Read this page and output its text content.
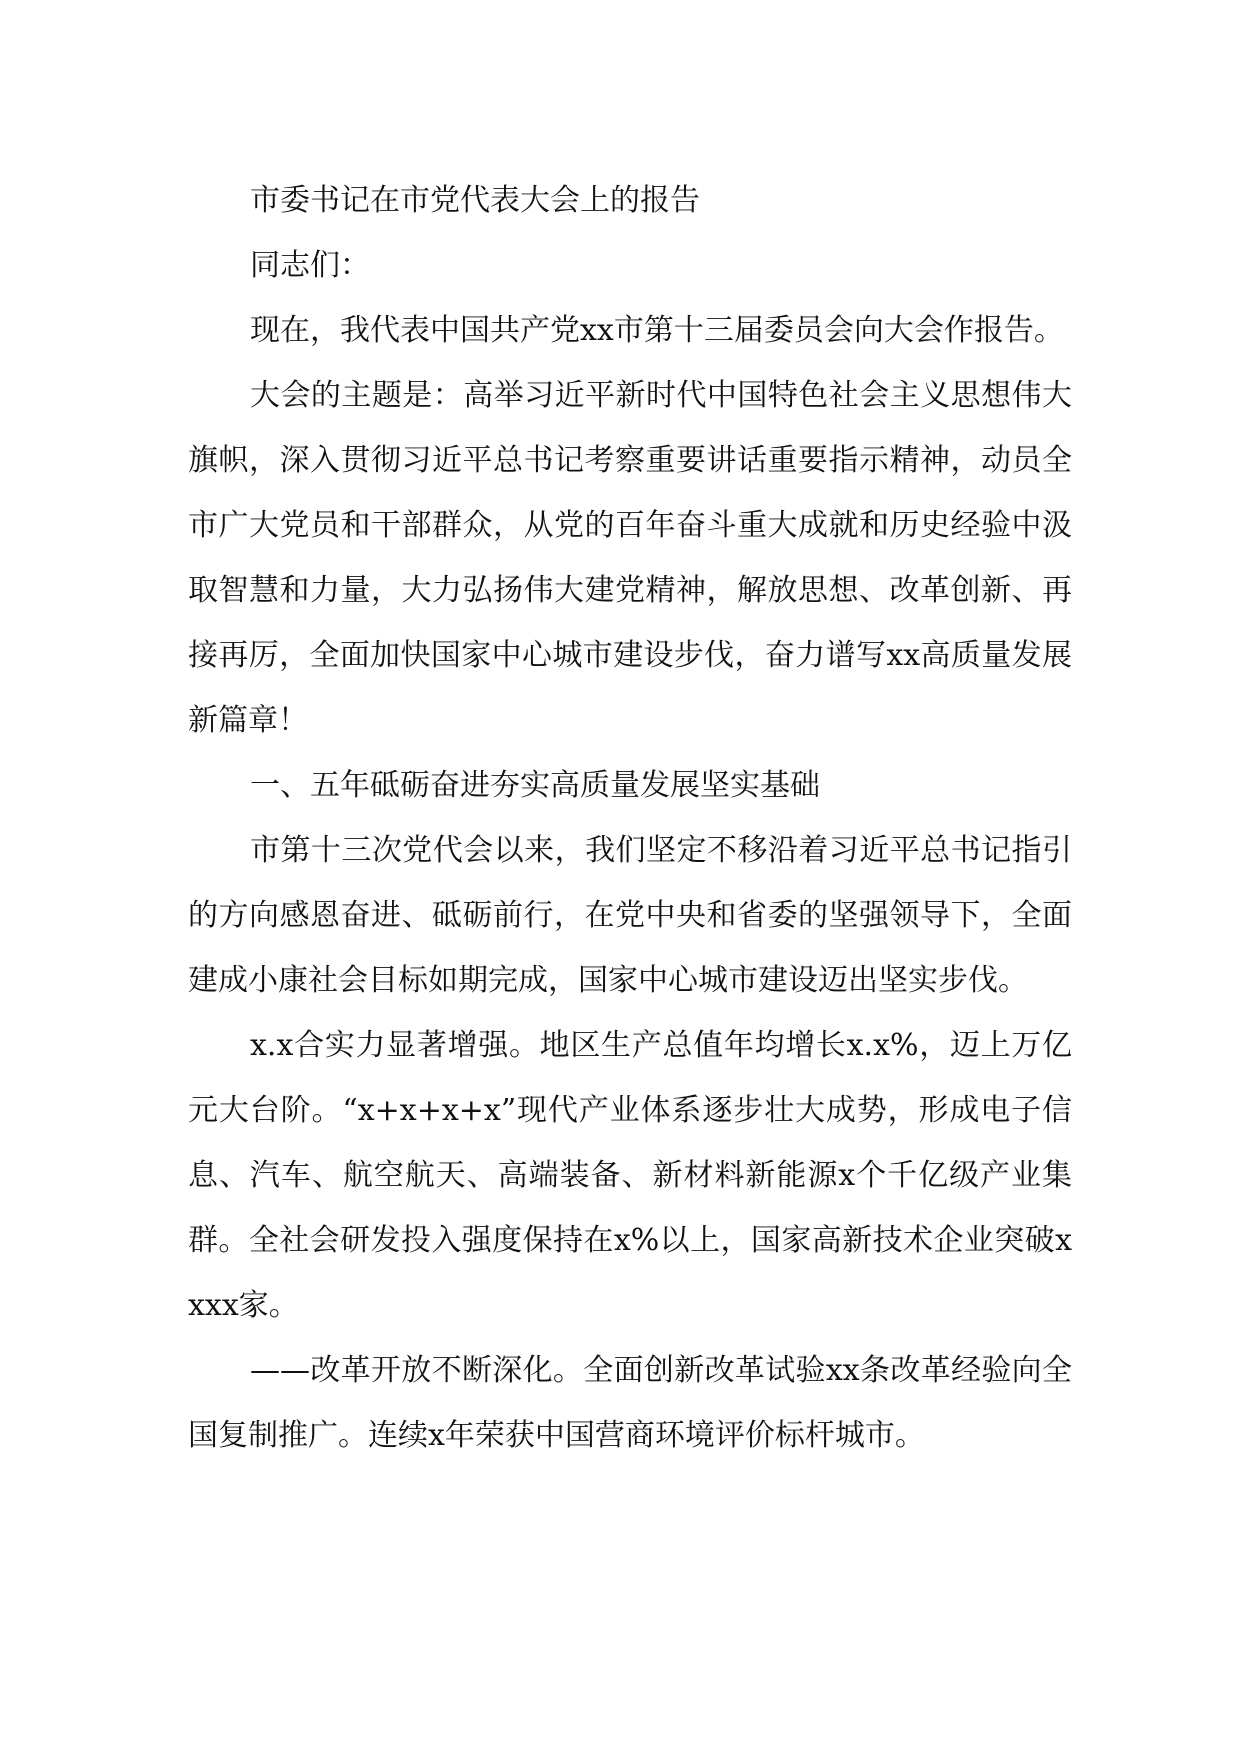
市委书记在市党代表大会上的报告

同志们：

现在，我代表中国共产党xx市第十三届委员会向大会作报告。

大会的主题是：高举习近平新时代中国特色社会主义思想伟大旗帜，深入贯彻习近平总书记考察重要讲话重要指示精神，动员全市广大党员和干部群众，从党的百年奋斗重大成就和历史经验中汲取智慧和力量，大力弘扬伟大建党精神，解放思想、改革创新、再接再厉，全面加快国家中心城市建设步伐，奋力谱写xx高质量发展新篇章！

一、五年砥砺奋进夯实高质量发展坚实基础

市第十三次党代会以来，我们坚定不移沿着习近平总书记指引的方向感恩奋进、砥砺前行，在党中央和省委的坚强领导下，全面建成小康社会目标如期完成，国家中心城市建设迈出坚实步伐。

x.x合实力显著增强。地区生产总值年均增长x.x%，迈上万亿元大台阶。“x+x+x+x”现代产业体系逐步壮大成势，形成电子信息、汽车、航空航天、高端装备、新材料新能源x个千亿级产业集群。全社会研发投入强度保持在x%以上，国家高新技术企业突破xxxx家。

——改革开放不断深化。全面创新改革试验xx条改革经验向全国复制推广。连续x年荣获中国营商环境评价标杆城市。
